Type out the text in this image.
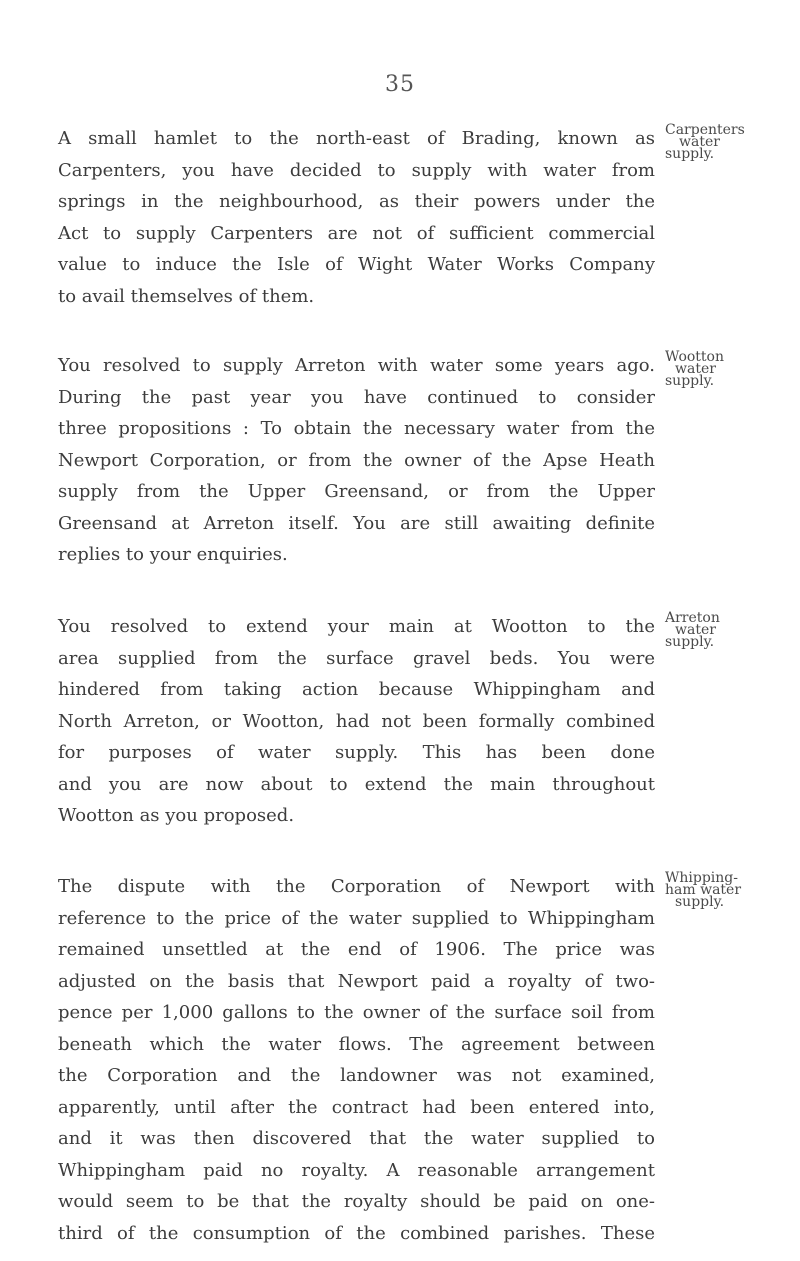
35
A small hamlet to the north-east of Brading, known as
Carpenters, you have decided to supply with water from
springs in the neighbourhood, as their powers under the
Act to supply Carpenters are not of sufficient commercial
value to induce the Isle of Wight Water Works Company
to avail themselves of them.
Carpenters
water
supply.
You resolved to supply Arreton with water some years ago.
During the past year you have continued to consider
three propositions : To obtain the necessary water from the
Newport Corporation, or from the owner of the Apse Heath
supply from the Upper Greensand, or from the Upper
Greensand at Arreton itself. You are still awaiting definite
replies to your enquiries.
Wootton
water
supply.
You resolved to extend your main at Wootton to the
area supplied from the surface gravel beds. You were
hindered from taking action because Whippingham and
North Arreton, or Wootton, had not been formally combined
for purposes of water supply. This has been done
and you are now about to extend the main throughout
Wootton as you proposed.
Arreton
water
supply.
The dispute with the Corporation of Newport with
reference to the price of the water supplied to Whippingham
remained unsettled at the end of 1906. The price was
adjusted on the basis that Newport paid a royalty of two-
pence per 1,000 gallons to the owner of the surface soil from
beneath which the water flows. The agreement between
the Corporation and the landowner was not examined,
apparently, until after the contract had been entered into,
and it was then discovered that the water supplied to
Whippingham paid no royalty. A reasonable arrangement
would seem to be that the royalty should be paid on one-
third of the consumption of the combined parishes. These
Whipping-
ham water
supply.
